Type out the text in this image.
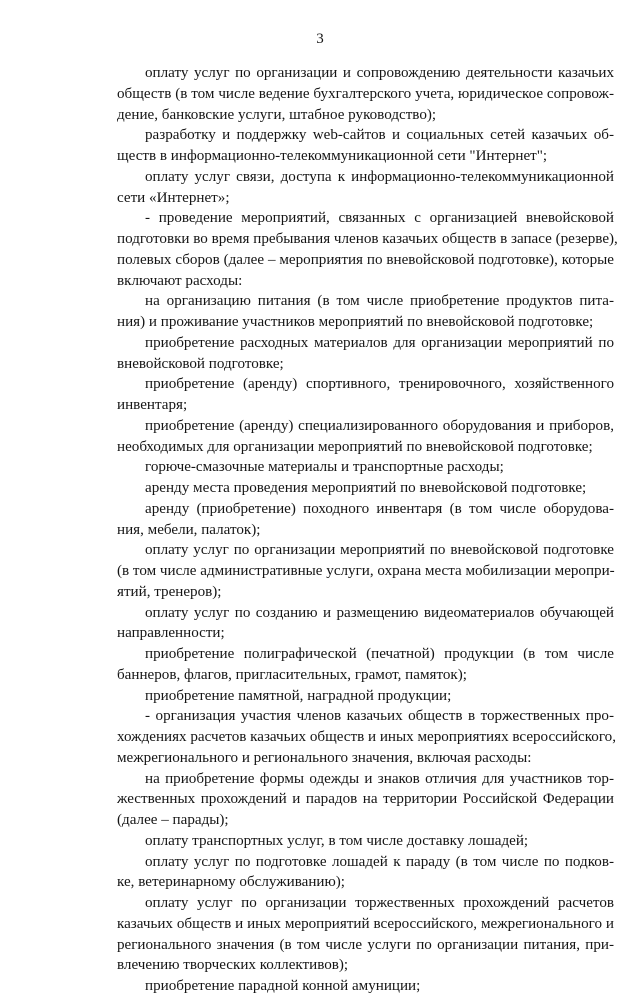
3
оплату услуг по организации и сопровождению деятельности казачьих
обществ (в том числе ведение бухгалтерского учета, юридическое сопровож-
дение, банковские услуги, штабное руководство);
разработку и поддержку web-сайтов и социальных сетей казачьих об-
ществ в информационно-телекоммуникационной сети "Интернет";
оплату услуг связи, доступа к информационно-телекоммуникационной
сети «Интернет»;
- проведение мероприятий, связанных с организацией вневойсковой
подготовки во время пребывания членов казачьих обществ в запасе (резерве),
полевых сборов (далее – мероприятия по вневойсковой подготовке), которые
включают расходы:
на организацию питания (в том числе приобретение продуктов пита-
ния) и проживание участников мероприятий по вневойсковой подготовке;
приобретение расходных материалов для организации мероприятий по
вневойсковой подготовке;
приобретение (аренду) спортивного, тренировочного, хозяйственного
инвентаря;
приобретение (аренду) специализированного оборудования и приборов,
необходимых для организации мероприятий по вневойсковой подготовке;
горюче-смазочные материалы и транспортные расходы;
аренду места проведения мероприятий по вневойсковой подготовке;
аренду (приобретение) походного инвентаря (в том числе оборудова-
ния, мебели, палаток);
оплату услуг по организации мероприятий по вневойсковой подготовке
(в том числе административные услуги, охрана места мобилизации меропри-
ятий, тренеров);
оплату услуг по созданию и размещению видеоматериалов обучающей
направленности;
приобретение полиграфической (печатной) продукции (в том числе
баннеров, флагов, пригласительных, грамот, памяток);
приобретение памятной, наградной продукции;
- организация участия членов казачьих обществ в торжественных про-
хождениях расчетов казачьих обществ и иных мероприятиях всероссийского,
межрегионального и регионального значения, включая расходы:
на приобретение формы одежды и знаков отличия для участников тор-
жественных прохождений и парадов на территории Российской Федерации
(далее – парады);
оплату транспортных услуг, в том числе доставку лошадей;
оплату услуг по подготовке лошадей к параду (в том числе по подков-
ке, ветеринарному обслуживанию);
оплату услуг по организации торжественных прохождений расчетов
казачьих обществ и иных мероприятий всероссийского, межрегионального и
регионального значения (в том числе услуги по организации питания, при-
влечению творческих коллективов);
приобретение парадной конной амуниции;
